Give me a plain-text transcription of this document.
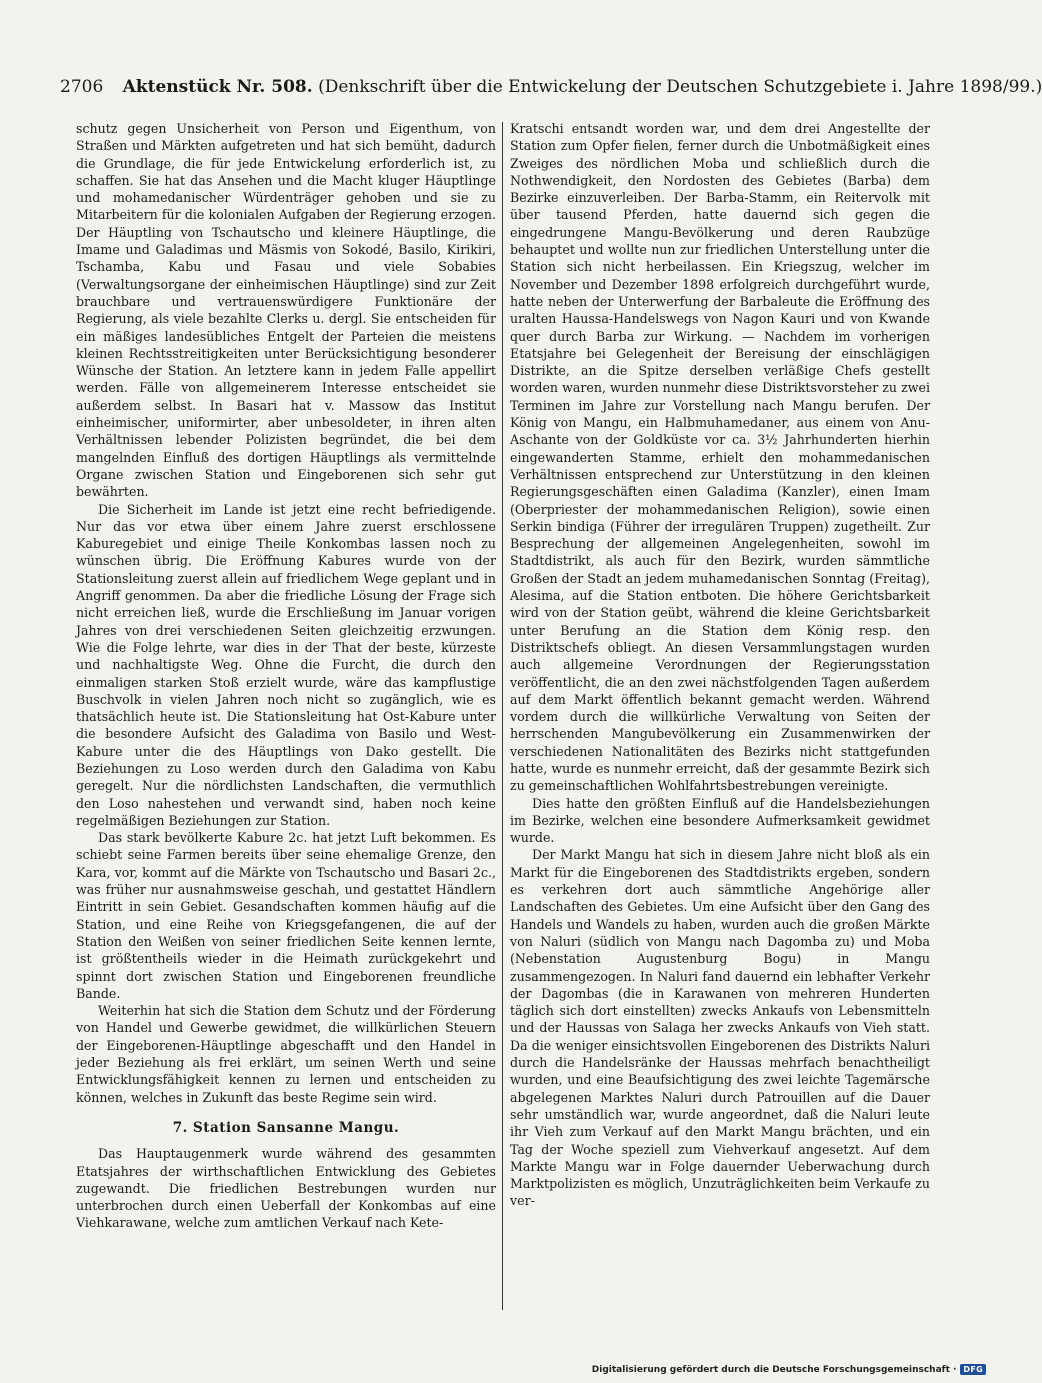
2706 Aktenstück Nr. 508. (Denkschrift über die Entwickelung der Deutschen Schutzgebiete i. Jahre 1898/99.)

schutz gegen Unsicherheit von Person und Eigenthum, von Straßen und Märkten aufgetreten und hat sich bemüht, dadurch die Grundlage, die für jede Entwickelung erforderlich ist, zu schaffen. Sie hat das Ansehen und die Macht kluger Häuptlinge und mohamedanischer Würdenträger gehoben und sie zu Mitarbeitern für die kolonialen Aufgaben der Regierung erzogen. Der Häuptling von Tschautscho und kleinere Häuptlinge, die Imame und Galadimas und Mäsmis von Sokodé, Basilo, Kirikiri, Tschamba, Kabu und Fasau und viele Sobabies (Verwaltungsorgane der einheimischen Häuptlinge) sind zur Zeit brauchbare und vertrauenswürdigere Funktionäre der Regierung, als viele bezahlte Clerks u. dergl. Sie entscheiden für ein mäßiges landesübliches Entgelt der Parteien die meistens kleinen Rechtsstreitigkeiten unter Berücksichtigung besonderer Wünsche der Station. An letztere kann in jedem Falle appellirt werden. Fälle von allgemeinerem Interesse entscheidet sie außerdem selbst. In Basari hat v. Massow das Institut einheimischer, uniformirter, aber unbesoldeter, in ihren alten Verhältnissen lebender Polizisten begründet, die bei dem mangelnden Einfluß des dortigen Häuptlings als vermittelnde Organe zwischen Station und Eingeborenen sich sehr gut bewährten.

Die Sicherheit im Lande ist jetzt eine recht befriedigende. Nur das vor etwa über einem Jahre zuerst erschlossene Kaburegebiet und einige Theile Konkombas lassen noch zu wünschen übrig. Die Eröffnung Kabures wurde von der Stationsleitung zuerst allein auf friedlichem Wege geplant und in Angriff genommen. Da aber die friedliche Lösung der Frage sich nicht erreichen ließ, wurde die Erschließung im Januar vorigen Jahres von drei verschiedenen Seiten gleichzeitig erzwungen. Wie die Folge lehrte, war dies in der That der beste, kürzeste und nachhaltigste Weg. Ohne die Furcht, die durch den einmaligen starken Stoß erzielt wurde, wäre das kampflustige Buschvolk in vielen Jahren noch nicht so zugänglich, wie es thatsächlich heute ist. Die Stationsleitung hat Ost-Kabure unter die besondere Aufsicht des Galadima von Basilo und West-Kabure unter die des Häuptlings von Dako gestellt. Die Beziehungen zu Loso werden durch den Galadima von Kabu geregelt. Nur die nördlichsten Landschaften, die vermuthlich den Loso nahestehen und verwandt sind, haben noch keine regelmäßigen Beziehungen zur Station.

Das stark bevölkerte Kabure 2c. hat jetzt Luft bekommen. Es schiebt seine Farmen bereits über seine ehemalige Grenze, den Kara, vor, kommt auf die Märkte von Tschautscho und Basari 2c., was früher nur ausnahmsweise geschah, und gestattet Händlern Eintritt in sein Gebiet. Gesandschaften kommen häufig auf die Station, und eine Reihe von Kriegsgefangenen, die auf der Station den Weißen von seiner friedlichen Seite kennen lernte, ist größtentheils wieder in die Heimath zurückgekehrt und spinnt dort zwischen Station und Eingeborenen freundliche Bande.

Weiterhin hat sich die Station dem Schutz und der Förderung von Handel und Gewerbe gewidmet, die willkürlichen Steuern der Eingeborenen-Häuptlinge abgeschafft und den Handel in jeder Beziehung als frei erklärt, um seinen Werth und seine Entwicklungsfähigkeit kennen zu lernen und entscheiden zu können, welches in Zukunft das beste Regime sein wird.

7. Station Sansanne Mangu.

Das Hauptaugenmerk wurde während des gesammten Etatsjahres der wirthschaftlichen Entwicklung des Gebietes zugewandt. Die friedlichen Bestrebungen wurden nur unterbrochen durch einen Ueberfall der Konkombas auf eine Viehkarawane, welche zum amtlichen Verkauf nach Kete-

Kratschi entsandt worden war, und dem drei Angestellte der Station zum Opfer fielen, ferner durch die Unbotmäßigkeit eines Zweiges des nördlichen Moba und schließlich durch die Nothwendigkeit, den Nordosten des Gebietes (Barba) dem Bezirke einzuverleiben. Der Barba-Stamm, ein Reitervolk mit über tausend Pferden, hatte dauernd sich gegen die eingedrungene Mangu-Bevölkerung und deren Raubzüge behauptet und wollte nun zur friedlichen Unterstellung unter die Station sich nicht herbeilassen. Ein Kriegszug, welcher im November und Dezember 1898 erfolgreich durchgeführt wurde, hatte neben der Unterwerfung der Barbaleute die Eröffnung des uralten Haussa-Handelswegs von Nagon Kauri und von Kwande quer durch Barba zur Wirkung. — Nachdem im vorherigen Etatsjahre bei Gelegenheit der Bereisung der einschlägigen Distrikte, an die Spitze derselben verläßige Chefs gestellt worden waren, wurden nunmehr diese Distriktsvorsteher zu zwei Terminen im Jahre zur Vorstellung nach Mangu berufen. Der König von Mangu, ein Halbmuhamedaner, aus einem von Anu-Aschante von der Goldküste vor ca. 3½ Jahrhunderten hierhin eingewanderten Stamme, erhielt den mohammedanischen Verhältnissen entsprechend zur Unterstützung in den kleinen Regierungsgeschäften einen Galadima (Kanzler), einen Imam (Oberpriester der mohammedanischen Religion), sowie einen Serkin bindiga (Führer der irregulären Truppen) zugetheilt. Zur Besprechung der allgemeinen Angelegenheiten, sowohl im Stadtdistrikt, als auch für den Bezirk, wurden sämmtliche Großen der Stadt an jedem muhamedanischen Sonntag (Freitag), Alesima, auf die Station entboten. Die höhere Gerichtsbarkeit wird von der Station geübt, während die kleine Gerichtsbarkeit unter Berufung an die Station dem König resp. den Distriktschefs obliegt. An diesen Versammlungstagen wurden auch allgemeine Verordnungen der Regierungsstation veröffentlicht, die an den zwei nächstfolgenden Tagen außerdem auf dem Markt öffentlich bekannt gemacht werden. Während vordem durch die willkürliche Verwaltung von Seiten der herrschenden Mangubevölkerung ein Zusammenwirken der verschiedenen Nationalitäten des Bezirks nicht stattgefunden hatte, wurde es nunmehr erreicht, daß der gesammte Bezirk sich zu gemeinschaftlichen Wohlfahrtsbestrebungen vereinigte.

Dies hatte den größten Einfluß auf die Handelsbeziehungen im Bezirke, welchen eine besondere Aufmerksamkeit gewidmet wurde.

Der Markt Mangu hat sich in diesem Jahre nicht bloß als ein Markt für die Eingeborenen des Stadtdistrikts ergeben, sondern es verkehren dort auch sämmtliche Angehörige aller Landschaften des Gebietes. Um eine Aufsicht über den Gang des Handels und Wandels zu haben, wurden auch die großen Märkte von Naluri (südlich von Mangu nach Dagomba zu) und Moba (Nebenstation Augustenburg Bogu) in Mangu zusammengezogen. In Naluri fand dauernd ein lebhafter Verkehr der Dagombas (die in Karawanen von mehreren Hunderten täglich sich dort einstellten) zwecks Ankaufs von Lebensmitteln und der Haussas von Salaga her zwecks Ankaufs von Vieh statt. Da die weniger einsichtsvollen Eingeborenen des Distrikts Naluri durch die Handelsränke der Haussas mehrfach benachtheiligt wurden, und eine Beaufsichtigung des zwei leichte Tagemärsche abgelegenen Marktes Naluri durch Patrouillen auf die Dauer sehr umständlich war, wurde angeordnet, daß die Naluri leute ihr Vieh zum Verkauf auf den Markt Mangu brächten, und ein Tag der Woche speziell zum Viehverkauf angesetzt. Auf dem Markte Mangu war in Folge dauernder Ueberwachung durch Marktpolizisten es möglich, Unzuträglichkeiten beim Verkaufe zu ver-

Digitalisierung gefördert durch die Deutsche Forschungsgemeinschaft · DFG
